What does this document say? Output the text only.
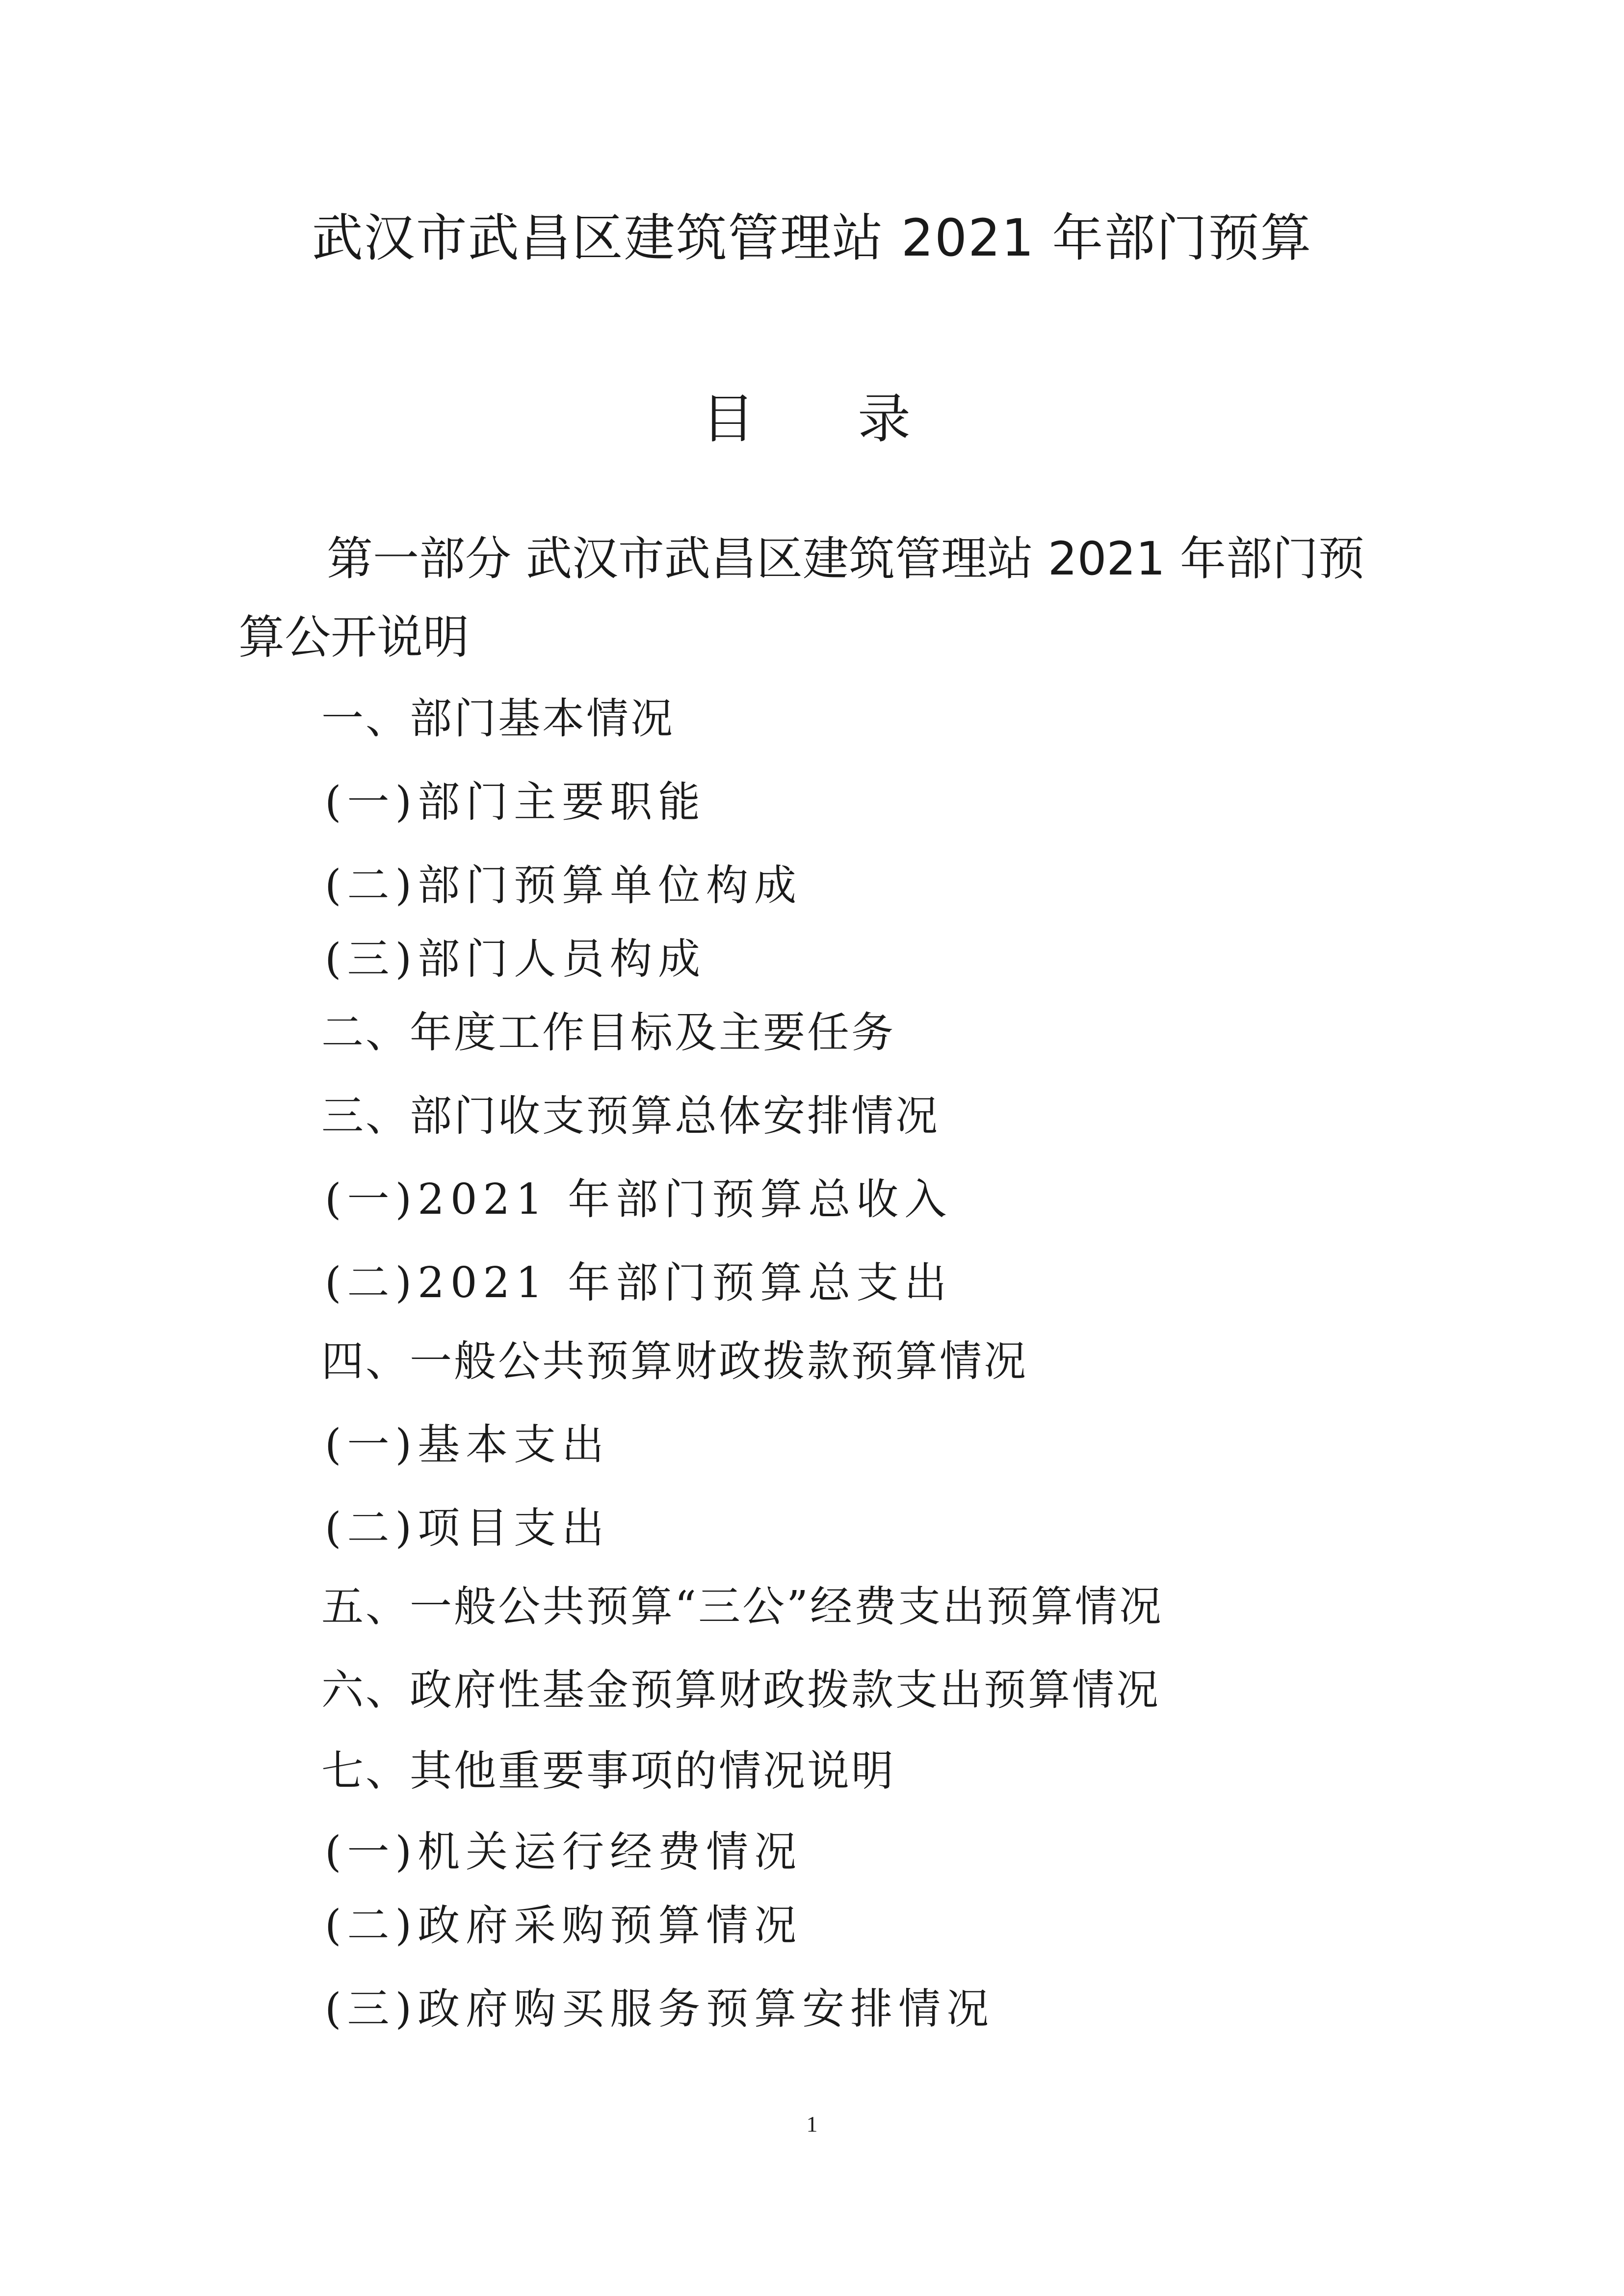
武汉市武昌区建筑管理站 2021 年部门预算
目录

第一部分 武汉市武昌区建筑管理站 2021 年部门预算公开说明

一、部门基本情况
(一)部门主要职能
(二)部门预算单位构成
(三)部门人员构成
二、年度工作目标及主要任务
三、部门收支预算总体安排情况
(一)2021 年部门预算总收入
(二)2021 年部门预算总支出
四、一般公共预算财政拨款预算情况
(一)基本支出
(二)项目支出
五、一般公共预算“三公”经费支出预算情况
六、政府性基金预算财政拨款支出预算情况
七、其他重要事项的情况说明
(一)机关运行经费情况
(二)政府采购预算情况
(三)政府购买服务预算安排情况
1
